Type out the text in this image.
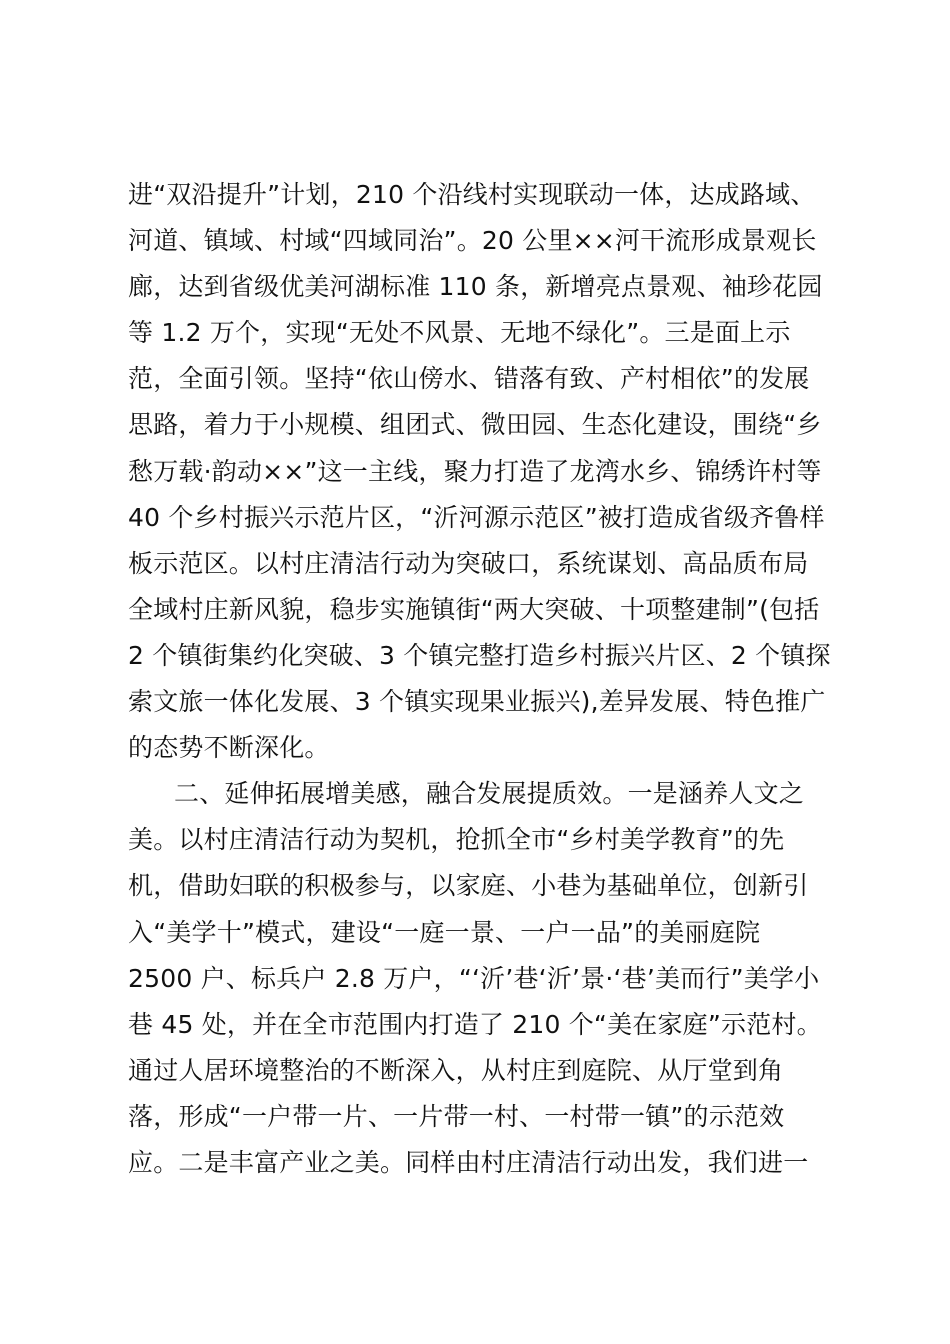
进“双沿提升”计划，210 个沿线村实现联动一体，达成路域、
河道、镇域、村域“四域同治”。20 公里××河干流形成景观长
廊，达到省级优美河湖标准 110 条，新增亮点景观、袖珍花园
等 1.2 万个，实现“无处不风景、无地不绿化”。三是面上示
范，全面引领。坚持“依山傍水、错落有致、产村相依”的发展
思路，着力于小规模、组团式、微田园、生态化建设，围绕“乡
愁万载·韵动××”这一主线，聚力打造了龙湾水乡、锦绣许村等
40 个乡村振兴示范片区，“沂河源示范区”被打造成省级齐鲁样
板示范区。以村庄清洁行动为突破口，系统谋划、高品质布局
全域村庄新风貌，稳步实施镇街“两大突破、十项整建制”(包括
2 个镇街集约化突破、3 个镇完整打造乡村振兴片区、2 个镇探
索文旅一体化发展、3 个镇实现果业振兴),差异发展、特色推广
的态势不断深化。
二、延伸拓展增美感，融合发展提质效。一是涵养人文之
美。以村庄清洁行动为契机，抢抓全市“乡村美学教育”的先
机，借助妇联的积极参与，以家庭、小巷为基础单位，创新引
入“美学十”模式，建设“一庭一景、一户一品”的美丽庭院
2500 户、标兵户 2.8 万户，“‘沂’巷‘沂’景·‘巷’美而行”美学小
巷 45 处，并在全市范围内打造了 210 个“美在家庭”示范村。
通过人居环境整治的不断深入，从村庄到庭院、从厅堂到角
落，形成“一户带一片、一片带一村、一村带一镇”的示范效
应。二是丰富产业之美。同样由村庄清洁行动出发，我们进一
